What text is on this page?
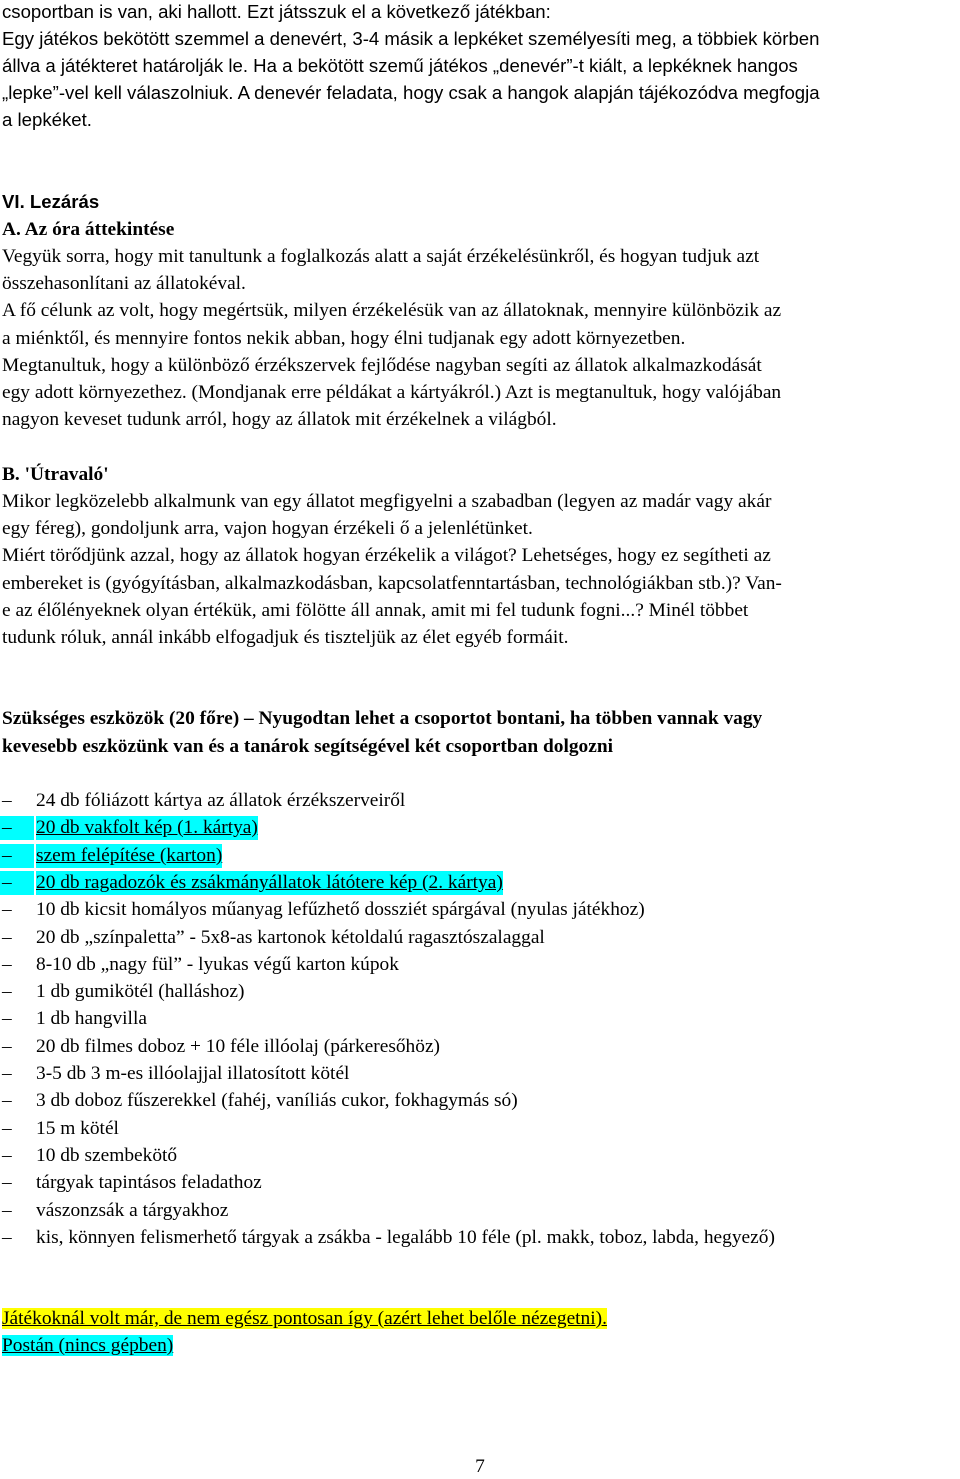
csoportban is van, aki hallott. Ezt játsszuk el a következő játékban:
Egy játékos bekötött szemmel a denevért, 3-4 másik a lepkéket személyesíti meg, a többiek körben
állva a játékteret határolják le. Ha a bekötött szemű játékos „denevér”-t kiált, a lepkéknek hangos
„lepke”-vel kell válaszolniuk. A denevér feladata, hogy csak a hangok alapján tájékozódva megfogja
a lepkéket.
VI. Lezárás
A. Az óra áttekintése
Vegyük sorra, hogy mit tanultunk a foglalkozás alatt a saját érzékelésünkről, és hogyan tudjuk azt
összehasonlítani az állatokéval.
A fő célunk az volt, hogy megértsük, milyen érzékelésük van az állatoknak, mennyire különbözik az
a miénktől, és mennyire fontos nekik abban, hogy élni tudjanak egy adott környezetben.
Megtanultuk, hogy a különböző érzékszervek fejlődése nagyban segíti az állatok alkalmazkodását
egy adott környezethez. (Mondjanak erre példákat a kártyákról.) Azt is megtanultuk, hogy valójában
nagyon keveset tudunk arról, hogy az állatok mit érzékelnek a világból.
B. 'Útravaló'
Mikor legközelebb alkalmunk van egy állatot megfigyelni a szabadban (legyen az madár vagy akár
egy féreg), gondoljunk arra, vajon hogyan érzékeli ő a jelenlétünket.
Miért törődjünk azzal, hogy az állatok hogyan érzékelik a világot? Lehetséges, hogy ez segítheti az
embereket is (gyógyításban, alkalmazkodásban, kapcsolatfenntartásban, technológiákban stb.)? Van-
e az élőlényeknek olyan értékük, ami fölötte áll annak, amit mi fel tudunk fogni...? Minél többet
tudunk róluk, annál inkább elfogadjuk és tiszteljük az élet egyéb formáit.
Szükséges eszközök (20 főre) – Nyugodtan lehet a csoportot bontani, ha többen vannak vagy
kevesebb eszközünk van és a tanárok segítségével két csoportban dolgozni
– 24 db fóliázott kártya az állatok érzékszerveiről
–	20 db vakfolt kép (1. kártya)
–	szem felépítése (karton)
–	20 db ragadozók és zsákmányállatok látótere kép (2. kártya)
– 10 db kicsit homályos műanyag lefűzhető dossziét spárgával (nyulas játékhoz)
– 20 db „színpaletta” - 5x8-as kartonok kétoldalú ragasztószalaggal
– 8-10 db „nagy fül” - lyukas végű karton kúpok
– 1 db gumikötél (halláshoz)
– 1 db hangvilla
– 20 db filmes doboz + 10 féle illóolaj (párkeresőhöz)
– 3-5 db 3 m-es illóolajjal illatosított kötél
– 3 db doboz fűszerekkel (fahéj, vaníliás cukor, fokhagymás só)
– 15 m kötél
– 10 db szembekötő
– tárgyak tapintásos feladathoz
– vászonzsák a tárgyakhoz
– kis, könnyen felismerhető tárgyak a zsákba - legalább 10 féle (pl. makk, toboz, labda, hegyező)
Játékoknál volt már, de nem egész pontosan így (azért lehet belőle nézegetni).
Postán (nincs gépben)
7
